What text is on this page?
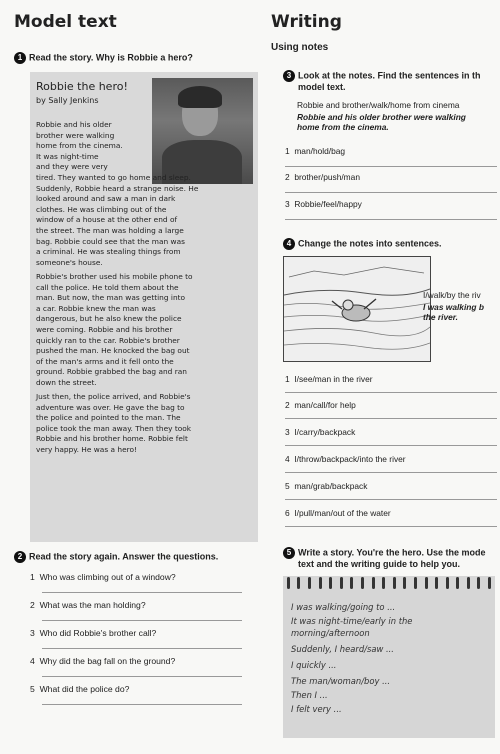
Model text
1 Read the story. Why is Robbie a hero?
Robbie the hero!
by Sally Jenkins
Robbie and his older
brother were walking
home from the cinema.
It was night-time
and they were very
tired. They wanted to go home and sleep.
Suddenly, Robbie heard a strange noise. He
looked around and saw a man in dark
clothes. He was climbing out of the
window of a house at the other end of
the street. The man was holding a large
bag. Robbie could see that the man was
a criminal. He was stealing things from
someone's house.
Robbie's brother used his mobile phone to
call the police. He told them about the
man. But now, the man was getting into
a car. Robbie knew the man was
dangerous, but he also knew the police
were coming. Robbie and his brother
quickly ran to the car. Robbie's brother
pushed the man. He knocked the bag out
of the man's arms and it fell onto the
ground. Robbie grabbed the bag and ran
down the street.
Just then, the police arrived, and Robbie's
adventure was over. He gave the bag to
the police and pointed to the man. The
police took the man away. Then they took
Robbie and his brother home. Robbie felt
very happy. He was a hero!
2 Read the story again. Answer the questions.
1 Who was climbing out of a window?
2 What was the man holding?
3 Who did Robbie's brother call?
4 Why did the bag fall on the ground?
5 What did the police do?
Writing
Using notes
3 Look at the notes. Find the sentences in th
model text.
Robbie and brother/walk/home from cinema
Robbie and his older brother were walking
home from the cinema.
1 man/hold/bag
2 brother/push/man
3 Robbie/feel/happy
4 Change the notes into sentences.
I/walk/by the riv
I was walking b
the river.
1 I/see/man in the river
2 man/call/for help
3 I/carry/backpack
4 I/throw/backpack/into the river
5 man/grab/backpack
6 I/pull/man/out of the water
5 Write a story. You're the hero. Use the mode
text and the writing guide to help you.
I was walking/going to ...
It was night-time/early in the
morning/afternoon
Suddenly, I heard/saw ...
I quickly ...
The man/woman/boy ...
Then I ...
I felt very ...
